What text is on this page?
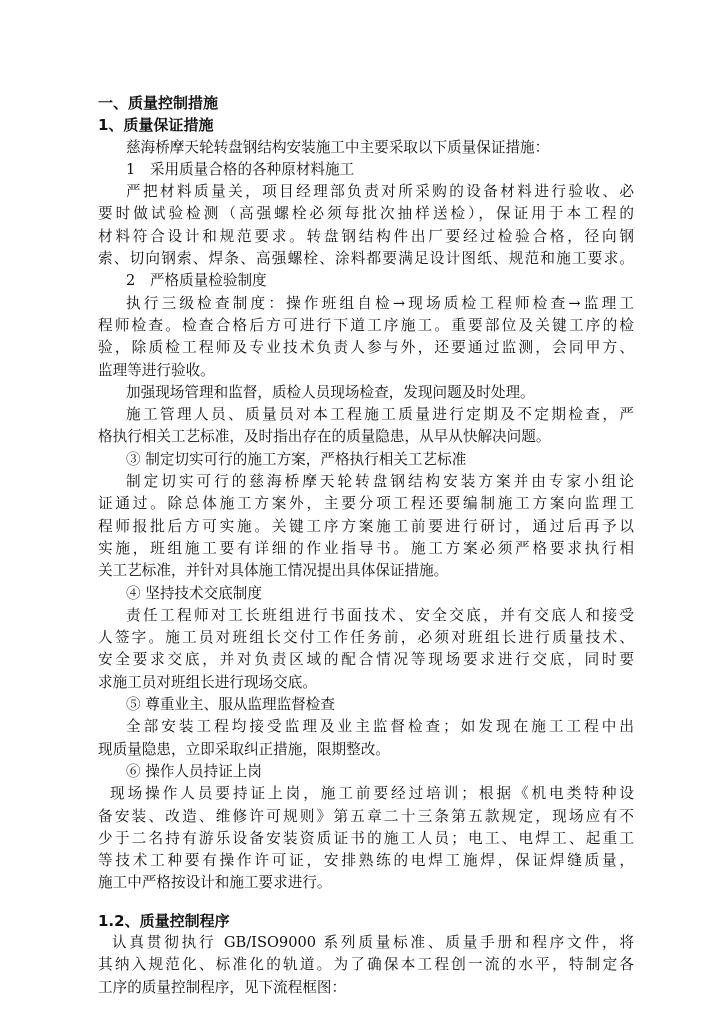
一、质量控制措施
1、质量保证措施
慈海桥摩天轮转盘钢结构安装施工中主要采取以下质量保证措施：
1　采用质量合格的各种原材料施工
严把材料质量关，项目经理部负责对所采购的设备材料进行验收、必
要时做试验检测（高强螺栓必须每批次抽样送检），保证用于本工程的
材料符合设计和规范要求。转盘钢结构件出厂要经过检验合格，径向钢
索、切向钢索、焊条、高强螺栓、涂料都要满足设计图纸、规范和施工要求。
2　严格质量检验制度
执行三级检查制度：操作班组自检→现场质检工程师检查→监理工
程师检查。检查合格后方可进行下道工序施工。重要部位及关键工序的检
验，除质检工程师及专业技术负责人参与外，还要通过监测，会同甲方、
监理等进行验收。
加强现场管理和监督，质检人员现场检查，发现问题及时处理。
施工管理人员、质量员对本工程施工质量进行定期及不定期检查，严
格执行相关工艺标准，及时指出存在的质量隐患，从早从快解决问题。
③ 制定切实可行的施工方案，严格执行相关工艺标准
制定切实可行的慈海桥摩天轮转盘钢结构安装方案并由专家小组论
证通过。除总体施工方案外，主要分项工程还要编制施工方案向监理工
程师报批后方可实施。关键工序方案施工前要进行研讨，通过后再予以
实施，班组施工要有详细的作业指导书。施工方案必须严格要求执行相
关工艺标准，并针对具体施工情况提出具体保证措施。
④ 坚持技术交底制度
责任工程师对工长班组进行书面技术、安全交底，并有交底人和接受
人签字。施工员对班组长交付工作任务前，必须对班组长进行质量技术、
安全要求交底，并对负责区域的配合情况等现场要求进行交底，同时要
求施工员对班组长进行现场交底。
⑤ 尊重业主、服从监理监督检查
全部安装工程均接受监理及业主监督检查；如发现在施工工程中出
现质量隐患，立即采取纠正措施，限期整改。
⑥ 操作人员持证上岗
现场操作人员要持证上岗，施工前要经过培训；根据《机电类特种设
备安装、改造、维修许可规则》第五章二十三条第五款规定，现场应有不
少于二名持有游乐设备安装资质证书的施工人员；电工、电焊工、起重工
等技术工种要有操作许可证，安排熟练的电焊工施焊，保证焊缝质量，
施工中严格按设计和施工要求进行。
1.2、质量控制程序
认真贯彻执行 GB/ISO9000 系列质量标准、质量手册和程序文件，将
其纳入规范化、标准化的轨道。为了确保本工程创一流的水平，特制定各
工序的质量控制程序，见下流程框图：
